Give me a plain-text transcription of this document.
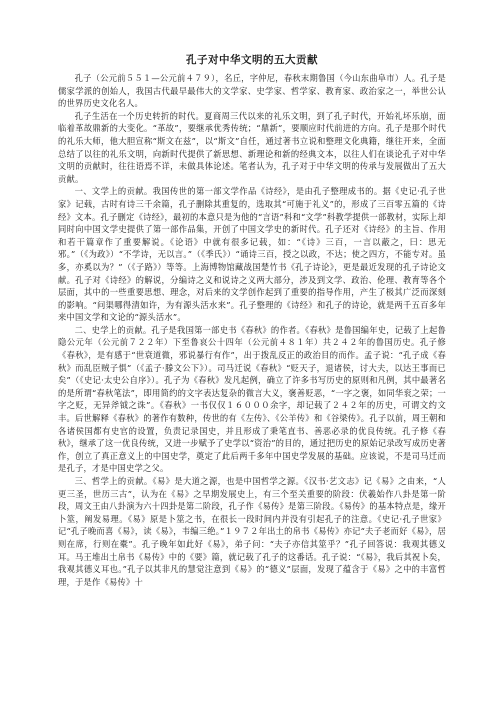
孔子对中华文明的五大贡献

孔子（公元前５５１—公元前４７９），名丘，字仲尼，春秋末期鲁国（今山东曲阜市）人。孔子是儒家学派的创始人，我国古代最早最伟大的文学家、史学家、哲学家、教育家、政治家之一，举世公认的世界历史文化名人。

孔子生活在一个历史转折的时代。夏商周三代以来的礼乐文明，到了孔子时代，开始礼坏乐崩，面临着革故鼎新的大变化。“革故”，要继承优秀传统；“鼎新”，要顺应时代前进的方向。孔子是那个时代的礼乐大师，他大胆宣称“斯文在兹”，以“斯文”自任，通过著书立说和整理文化典籍，继往开来，全面总结了以往的礼乐文明，向新时代提供了新思想、新理论和新的经典文本，以往人们在谈论孔子对中华文明的贡献时，往往语焉不详，未做具体论述。笔者认为，孔子对于中华文明的传承与发展做出了五大贡献。

一、文学上的贡献。我国传世的第一部文学作品《诗经》，是由孔子整理成书的。据《史记·孔子世家》记载，古时有诗三千余篇，孔子删除其重复的，选取其“可施于礼义”的，形成了三百零五篇的《诗经》文本。孔子删定《诗经》，最初的本意只是为他的“言语”科和“文学”科教学提供一部教材，实际上却同时向中国文学史提供了第一部作品集，开创了中国文学史的新时代。孔子还对《诗经》的主旨、作用和若干篇章作了重要解说。《论语》中就有很多记载，如：“《诗》三百，一言以蔽之，曰：思无邪。”（《为政》）“不学诗，无以言。”（《季氏》）“诵诗三百，授之以政，不达；使之四方，不能专对。虽多，亦奚以为？”（《子路》）等等。上海博物馆藏战国楚竹书《孔子诗论》，更是最近发现的孔子诗论文献。孔子对《诗经》的解说，分编诗之义和说诗之义两大部分，涉及到文学、政治、伦理、教育等各个层面，其中的一些重要思想、理念，对后来的文学创作起到了重要的指导作用，产生了极其广泛而深刻的影响。“问渠哪得清如许，为有源头活水来”。孔子整理的《诗经》和孔子的诗论，就是两千五百多年来中国文学和文论的“源头活水”。

二、史学上的贡献。孔子是我国第一部史书《春秋》的作者。《春秋》是鲁国编年史，记载了上起鲁隐公元年（公元前７２２年）下至鲁哀公十四年（公元前４８１年）共２４２年的鲁国历史。孔子修《春秋》，是有感于“世衰道微，邪说暴行有作”，出于拨乱反正的政治目的而作。孟子说：“孔子成《春秋》而乱臣贼子惧”（《孟子·滕文公下》）。司马迁说《春秋》“贬天子，退诸侯，讨大夫，以达王事而已矣”（《史记·太史公自序》）。孔子为《春秋》发凡起例，确立了许多书写历史的原则和凡例，其中最著名的是所谓“春秋笔法”，即用简约的文字表达复杂的微言大义，褒善贬恶，“一字之褒，如同华衮之荣；一字之贬，无异斧钺之诛”。《春秋》一书仅仅１６０００余字，却记载了２４２年的历史，可谓文约文丰。后世解释《春秋》的著作有数种，传世的有《左传》、《公羊传》和《谷梁传》。孔子以前，周王朝和各诸侯国都有史官的设置，负责记录国史，并且形成了秉笔直书、善恶必录的优良传统。孔子修《春秋》，继承了这一优良传统，又进一步赋予了史学以“资治”的目的，通过把历史的原始记录改写成历史著作，创立了真正意义上的中国史学，奠定了此后两千多年中国史学发展的基础。应该说，不是司马迁而是孔子，才是中国史学之父。

三、哲学上的贡献。《易》是大道之源，也是中国哲学之源。《汉书·艺文志》记《易》之由来，“人更三圣，世历三古”，认为在《易》之早期发展史上，有三个至关重要的阶段：伏羲始作八卦是第一阶段，周文王由八卦演为六十四卦是第二阶段，孔子作《易传》是第三阶段。《易传》的基本特点是，缘开卜筮，阐发易理。《易》原是卜筮之书，在很长一段时间内并没有引起孔子的注意。《史记·孔子世家》记“孔子晚而喜《易》，读《易》，韦编三绝。”１９７２年出土的帛书《易传》亦记“夫子老而好《易》，居则在席，行则在橐”。孔子晚年如此好《易》，弟子问：“夫子亦信其筮乎？”孔子回答说：我观其德义耳。马王堆出土帛书《易传》中的《要》篇，就记载了孔子的这番话。孔子说：“《易》，我后其祝卜矣，我观其德义耳也。”孔子以其非凡的慧觉注意到《易》的“德义”层面，发现了蕴含于《易》之中的丰富哲理，于是作《易传》十
